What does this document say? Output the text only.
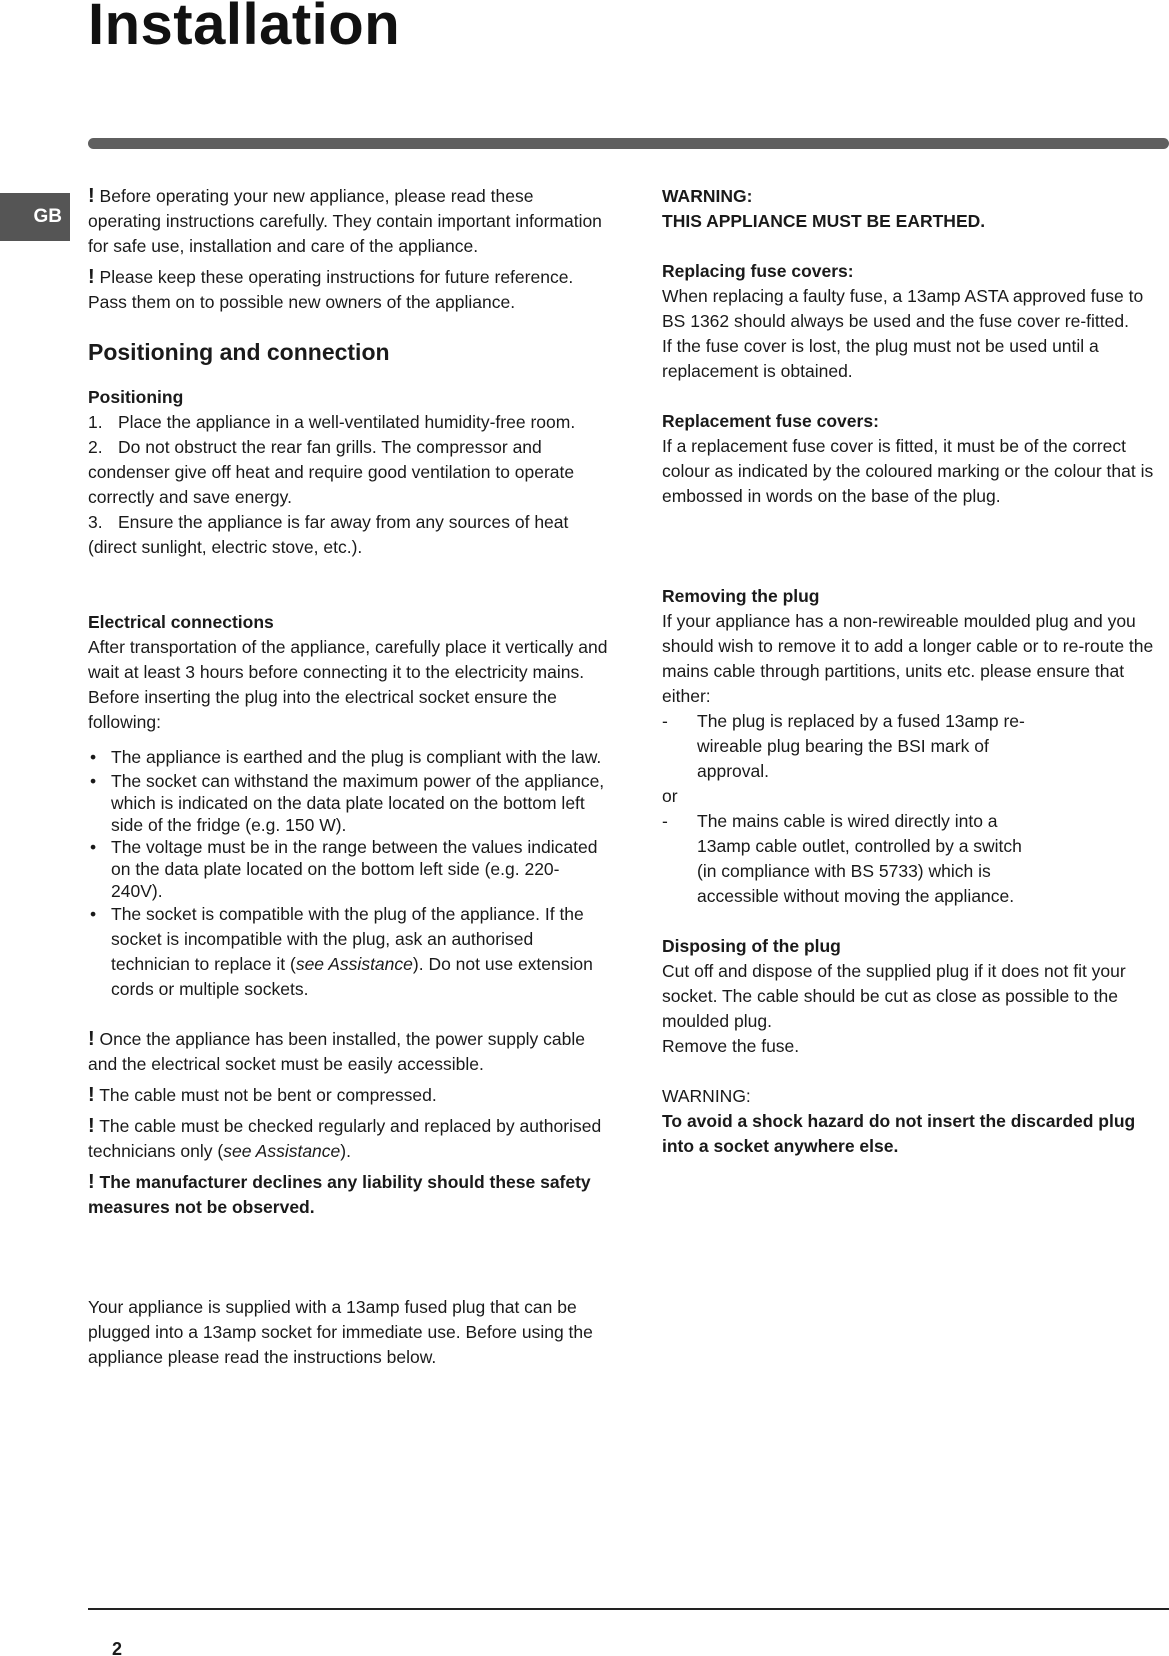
Installation
GB

! Before operating your new appliance, please read these operating instructions carefully. They contain important information for safe use, installation and care of the appliance.

! Please keep these operating instructions for future reference. Pass them on to possible new owners of the appliance.

Positioning and connection
Positioning
1. Place the appliance in a well-ventilated humidity-free room.
2. Do not obstruct the rear fan grills. The compressor and condenser give off heat and require good ventilation to operate correctly and save energy.
3. Ensure the appliance is far away from any sources of heat (direct sunlight, electric stove, etc.).
Electrical connections

After transportation of the appliance, carefully place it vertically and wait at least 3 hours before connecting it to the electricity mains. Before inserting the plug into the electrical socket ensure the following:

• The appliance is earthed and the plug is compliant with the law.
• The socket can withstand the maximum power of the appliance, which is indicated on the data plate located on the bottom left side of the fridge (e.g. 150 W).
• The voltage must be in the range between the values indicated on the data plate located on the bottom left side (e.g. 220-240V).
• The socket is compatible with the plug of the appliance. If the socket is incompatible with the plug, ask an authorised technician to replace it (see Assistance). Do not use extension cords or multiple sockets.

! Once the appliance has been installed, the power supply cable and the electrical socket must be easily accessible.

! The cable must not be bent or compressed.

! The cable must be checked regularly and replaced by authorised technicians only (see Assistance).

! The manufacturer declines any liability should these safety measures not be observed.

Your appliance is supplied with a 13amp fused plug that can be plugged into a 13amp socket for immediate use. Before using the appliance please read the instructions below.

WARNING:
THIS APPLIANCE MUST BE EARTHED.
Replacing fuse covers:

When replacing a faulty fuse, a 13amp ASTA approved fuse to BS 1362 should always be used and the fuse cover re-fitted.

If the fuse cover is lost, the plug must not be used until a replacement is obtained.

Replacement fuse covers:

If a replacement fuse cover is fitted, it must be of the correct colour as indicated by the coloured marking or the colour that is embossed in words on the base of the plug.

Removing the plug

If your appliance has a non-rewireable moulded plug and you should wish to remove it to add a longer cable or to re-route the mains cable through partitions, units etc. please ensure that either:

- The plug is replaced by a fused 13amp re-wireable plug bearing the BSI mark of approval.
or
- The mains cable is wired directly into a 13amp cable outlet, controlled by a switch (in compliance with BS 5733) which is accessible without moving the appliance.
Disposing of the plug

Cut off and dispose of the supplied plug if it does not fit your socket. The cable should be cut as close as possible to the moulded plug.

Remove the fuse.

WARNING:

To avoid a shock hazard do not insert the discarded plug into a socket anywhere else.

2
